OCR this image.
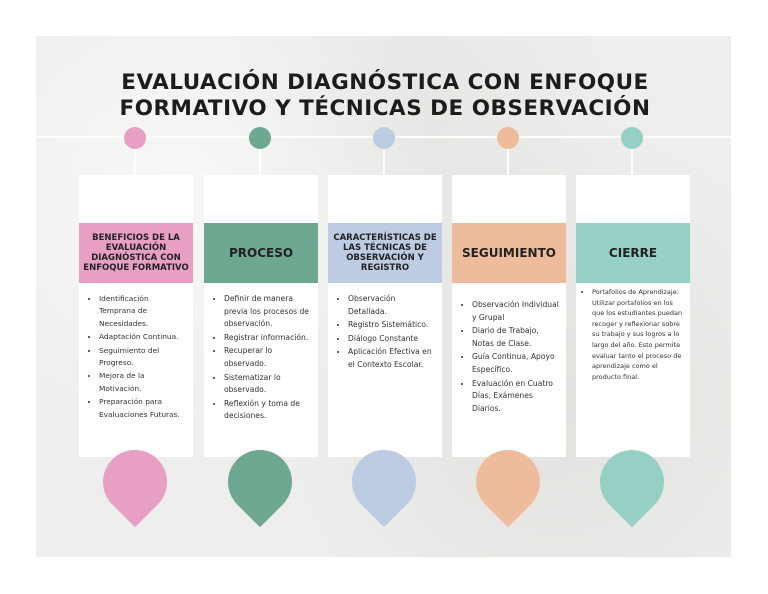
EVALUACIÓN DIAGNÓSTICA CON ENFOQUE FORMATIVO Y TÉCNICAS DE OBSERVACIÓN
BENEFICIOS DE LA EVALUACIÓN DIAGNÓSTICA CON ENFOQUE FORMATIVO
• Identificación Temprana de Necesidades.
• Adaptación Continua.
• Seguimiento del Progreso.
• Mejora de la Motivación.
• Preparación para Evaluaciones Futuras.
PROCESO
• Definir de manera previa los procesos de observación.
• Registrar información.
• Recuperar lo observado.
• Sistematizar lo observado.
• Reflexión y toma de decisiones.
CARACTERÍSTICAS DE LAS TÉCNICAS DE OBSERVACIÓN Y REGISTRO
• Observación Detallada.
• Registro Sistemático.
• Diálogo Constante
• Aplicación Efectiva en el Contexto Escolar.
SEGUIMIENTO
• Observación Individual y Grupal
• Diario de Trabajo, Notas de Clase.
• Guía Continua, Apoyo Específico.
• Evaluación en Cuatro Días, Exámenes Diarios.
CIERRE
• Portafolios de Aprendizaje: Utilizar portafolios en los que los estudiantes puedan recoger y reflexionar sobre su trabajo y sus logros a lo largo del año. Esto permite evaluar tanto el proceso de aprendizaje como el producto final.
